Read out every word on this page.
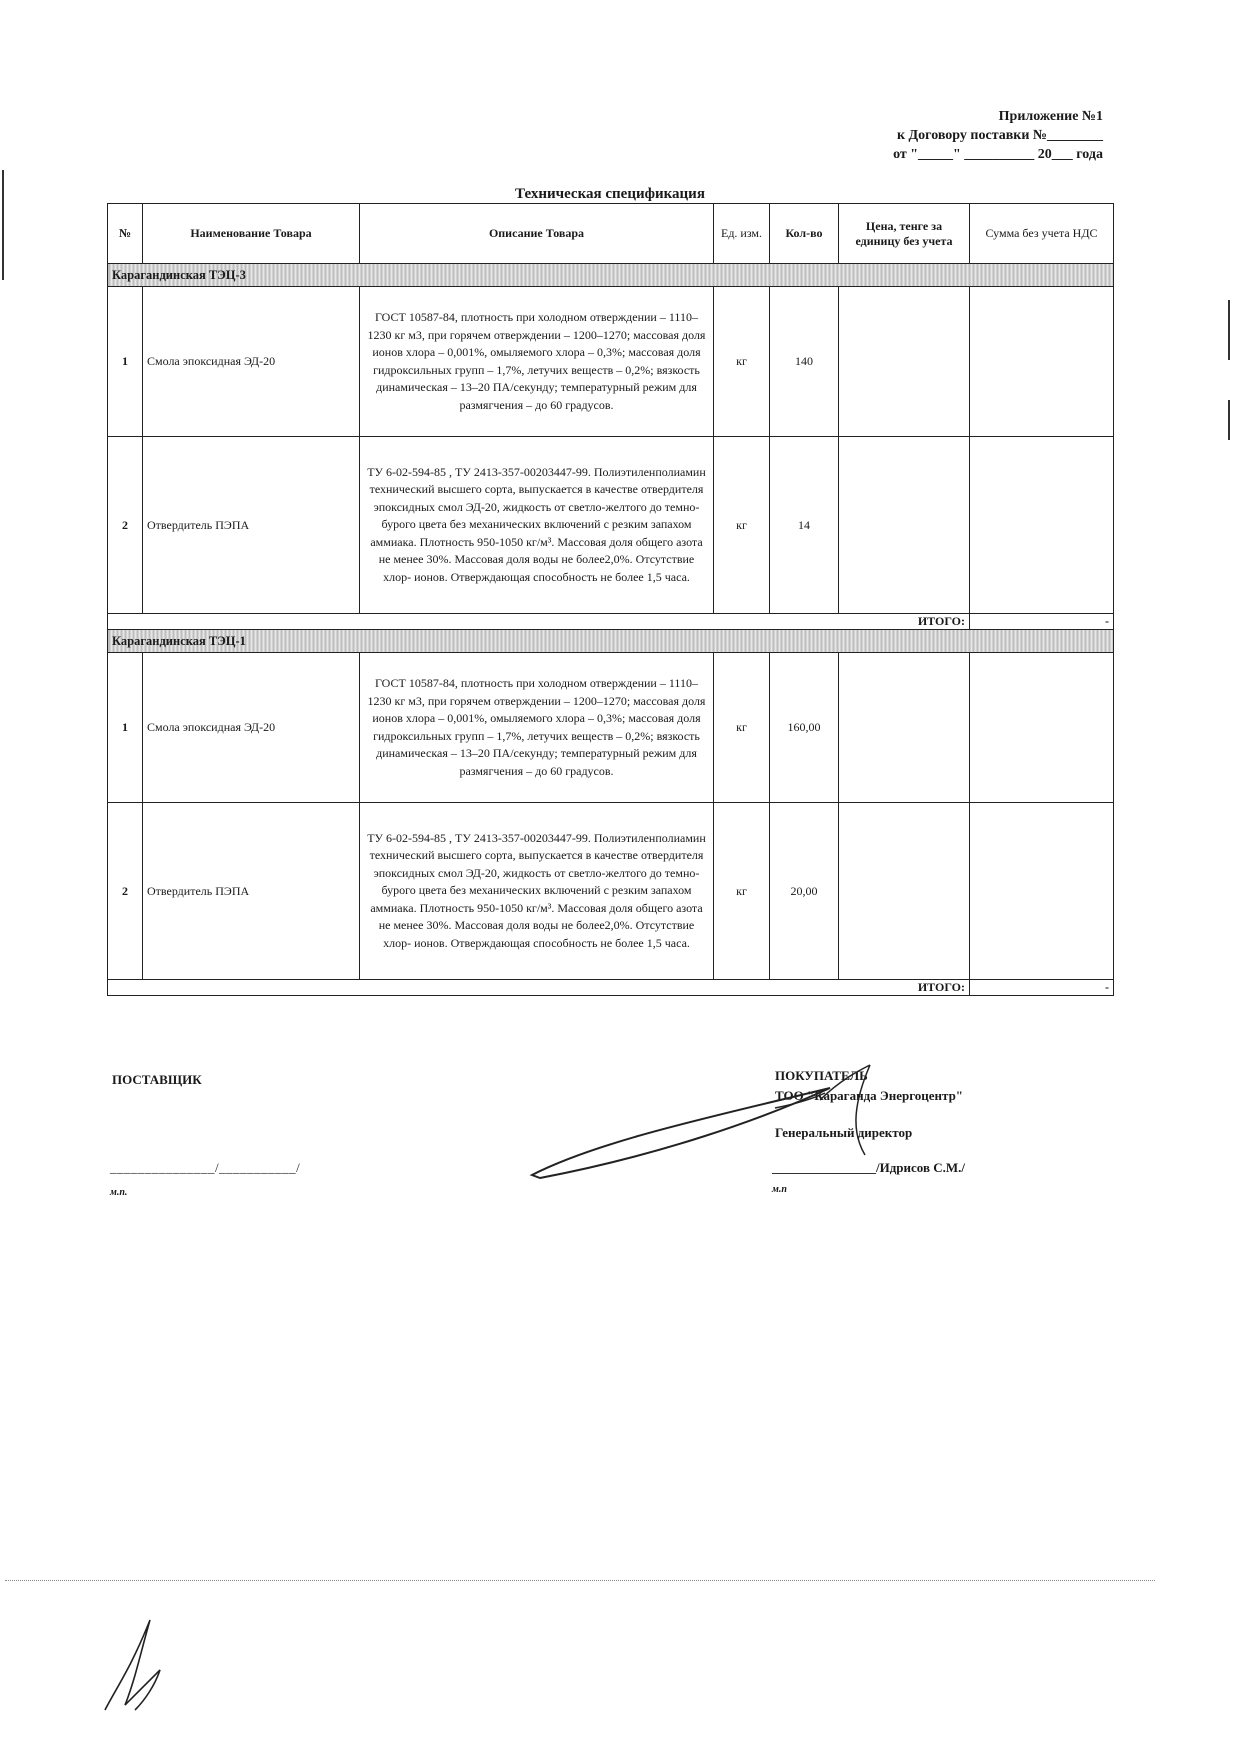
Приложение №1
к Договору поставки №________
от "_____" __________ 20___ года
Техническая спецификация
№	Наименование Товара	Описание Товара	Ед. изм.	Кол-во	Цена, тенге за единицу без учета	Сумма без учета НДС
Карагандинская ТЭЦ-3						
1	Смола эпоксидная ЭД-20	ГОСТ 10587-84, плотность при холодном отверждении – 1110–1230 кг м3, при горячем отверждении – 1200–1270; массовая доля ионов хлора – 0,001%, омыляемого хлора – 0,3%; массовая доля гидроксильных групп – 1,7%, летучих веществ – 0,2%; вязкость динамическая – 13–20 ПА/секунду; температурный режим для размягчения – до 60 градусов.	кг	140		
2	Отвердитель ПЭПА	ТУ 6-02-594-85 , ТУ 2413-357-00203447-99. Полиэтиленполиамин технический высшего сорта, выпускается в качестве отвердителя эпоксидных смол ЭД-20, жидкость от светло-желтого до темно-бурого цвета без механических включений с резким запахом аммиака. Плотность 950-1050 кг/м³. Массовая доля общего азота не менее 30%. Массовая доля воды не более2,0%. Отсутствие хлор- ионов. Отверждающая способность не более 1,5 часа.	кг	14		
ИТОГО:						-
Карагандинская ТЭЦ-1						
1	Смола эпоксидная ЭД-20	ГОСТ 10587-84, плотность при холодном отверждении – 1110–1230 кг м3, при горячем отверждении – 1200–1270; массовая доля ионов хлора – 0,001%, омыляемого хлора – 0,3%; массовая доля гидроксильных групп – 1,7%, летучих веществ – 0,2%; вязкость динамическая – 13–20 ПА/секунду; температурный режим для размягчения – до 60 градусов.	кг	160,00		
2	Отвердитель ПЭПА	ТУ 6-02-594-85 , ТУ 2413-357-00203447-99. Полиэтиленполиамин технический высшего сорта, выпускается в качестве отвердителя эпоксидных смол ЭД-20, жидкость от светло-желтого до темно-бурого цвета без механических включений с резким запахом аммиака. Плотность 950-1050 кг/м³. Массовая доля общего азота не менее 30%. Массовая доля воды не более2,0%. Отсутствие хлор- ионов. Отверждающая способность не более 1,5 часа.	кг	20,00		
ИТОГО:						-
ПОСТАВЩИК
_______________/___________/
м.п.
ПОКУПАТЕЛЬ
ТОО "Караганда Энергоцентр"
Генеральный директор
________________/Идрисов С.М./
м.п
